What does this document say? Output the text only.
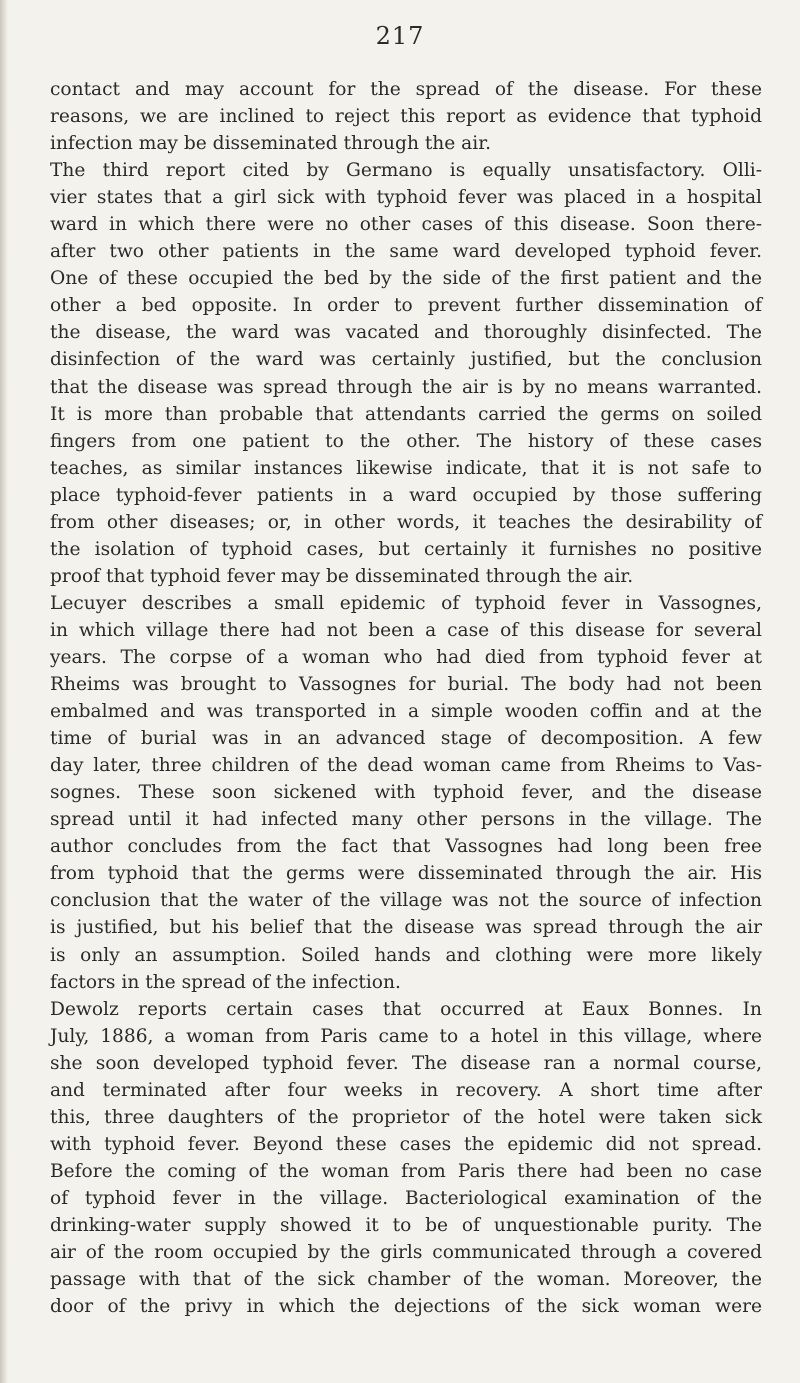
217
contact and may account for the spread of the disease. For these
reasons, we are inclined to reject this report as evidence that typhoid
infection may be disseminated through the air.
The third report cited by Germano is equally unsatisfactory. Olli-
vier states that a girl sick with typhoid fever was placed in a hospital
ward in which there were no other cases of this disease. Soon there-
after two other patients in the same ward developed typhoid fever.
One of these occupied the bed by the side of the first patient and the
other a bed opposite. In order to prevent further dissemination of
the disease, the ward was vacated and thoroughly disinfected. The
disinfection of the ward was certainly justified, but the conclusion
that the disease was spread through the air is by no means warranted.
It is more than probable that attendants carried the germs on soiled
fingers from one patient to the other. The history of these cases
teaches, as similar instances likewise indicate, that it is not safe to
place typhoid-fever patients in a ward occupied by those suffering
from other diseases; or, in other words, it teaches the desirability of
the isolation of typhoid cases, but certainly it furnishes no positive
proof that typhoid fever may be disseminated through the air.
Lecuyer describes a small epidemic of typhoid fever in Vassognes,
in which village there had not been a case of this disease for several
years. The corpse of a woman who had died from typhoid fever at
Rheims was brought to Vassognes for burial. The body had not been
embalmed and was transported in a simple wooden coffin and at the
time of burial was in an advanced stage of decomposition. A few
day later, three children of the dead woman came from Rheims to Vas-
sognes. These soon sickened with typhoid fever, and the disease
spread until it had infected many other persons in the village. The
author concludes from the fact that Vassognes had long been free
from typhoid that the germs were disseminated through the air. His
conclusion that the water of the village was not the source of infection
is justified, but his belief that the disease was spread through the air
is only an assumption. Soiled hands and clothing were more likely
factors in the spread of the infection.
Dewolz reports certain cases that occurred at Eaux Bonnes. In
July, 1886, a woman from Paris came to a hotel in this village, where
she soon developed typhoid fever. The disease ran a normal course,
and terminated after four weeks in recovery. A short time after
this, three daughters of the proprietor of the hotel were taken sick
with typhoid fever. Beyond these cases the epidemic did not spread.
Before the coming of the woman from Paris there had been no case
of typhoid fever in the village. Bacteriological examination of the
drinking-water supply showed it to be of unquestionable purity. The
air of the room occupied by the girls communicated through a covered
passage with that of the sick chamber of the woman. Moreover, the
door of the privy in which the dejections of the sick woman were
